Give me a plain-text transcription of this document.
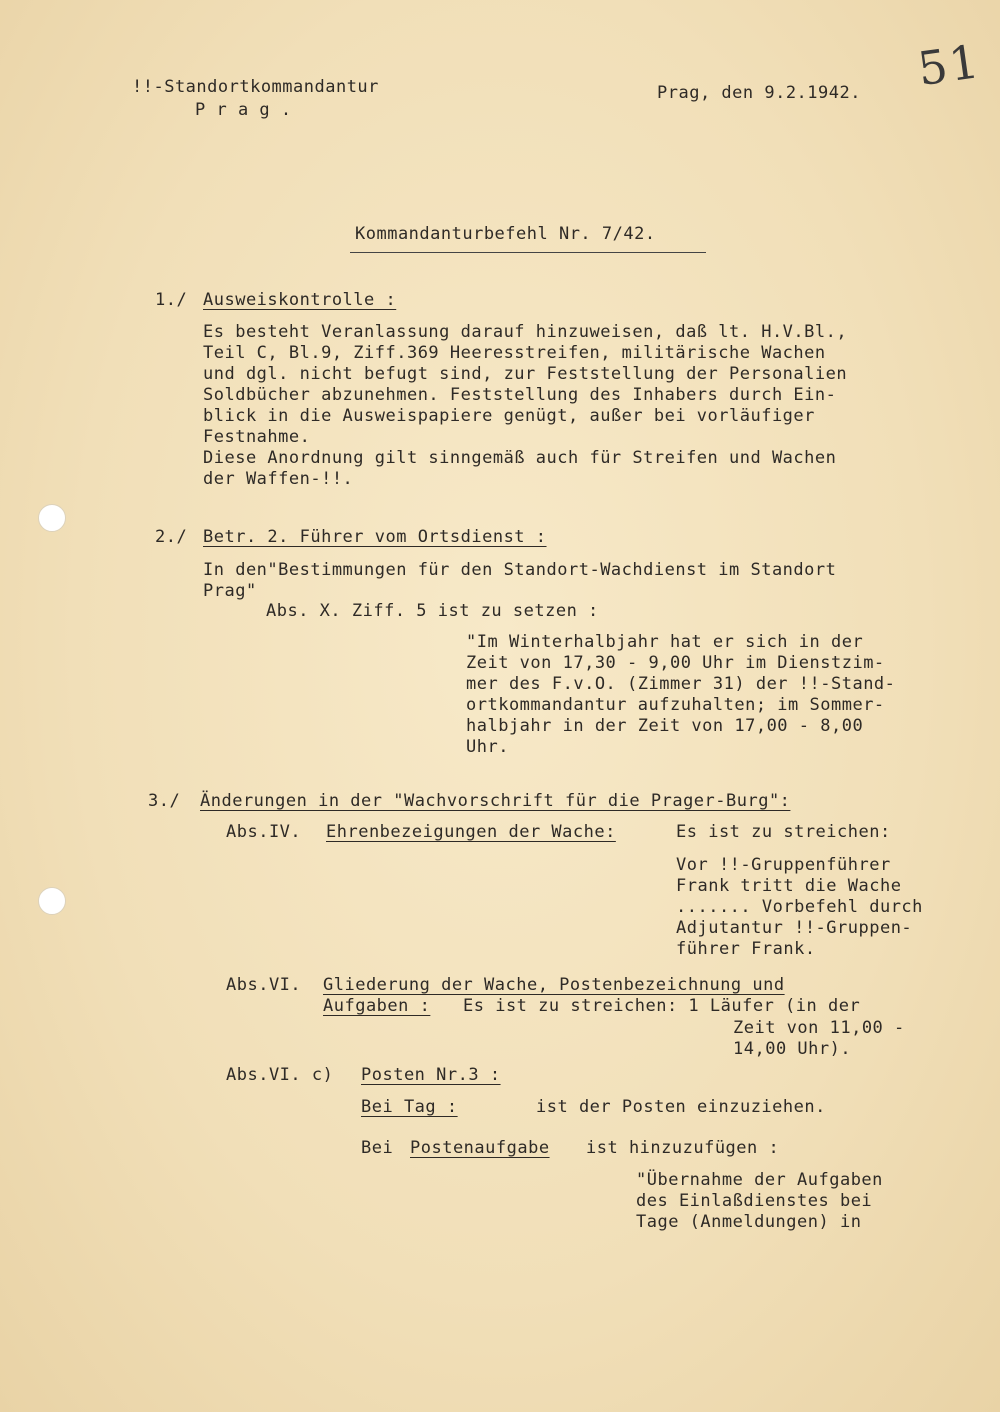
51
!!-Standortkommandantur
P r a g .
Prag, den 9.2.1942.
Kommandanturbefehl Nr. 7/42.
1./ Ausweiskontrolle :
Es besteht Veranlassung darauf hinzuweisen, daß lt. H.V.Bl.,
Teil C, Bl.9, Ziff.369 Heeresstreifen, militärische Wachen
und dgl. nicht befugt sind, zur Feststellung der Personalien
Soldbücher abzunehmen. Feststellung des Inhabers durch Ein-
blick in die Ausweispapiere genügt, außer bei vorläufiger
Festnahme.
Diese Anordnung gilt sinngemäß auch für Streifen und Wachen
der Waffen-!!.
2./ Betr. 2. Führer vom Ortsdienst :
In den"Bestimmungen für den Standort-Wachdienst im Standort
Prag"
Abs. X. Ziff. 5 ist zu setzen :
"Im Winterhalbjahr hat er sich in der
Zeit von 17,30 - 9,00 Uhr im Dienstzim-
mer des F.v.O. (Zimmer 31) der !!-Stand-
ortkommandantur aufzuhalten; im Sommer-
halbjahr in der Zeit von 17,00 - 8,00
Uhr.
3./ Änderungen in der "Wachvorschrift für die Prager-Burg":
Abs.IV. Ehrenbezeigungen der Wache:	Es ist zu streichen:
Vor !!-Gruppenführer
Frank tritt die Wache
....... Vorbefehl durch
Adjutantur !!-Gruppen-
führer Frank.
Abs.VI. Gliederung der Wache, Postenbezeichnung und
Aufgaben : Es ist zu streichen: 1 Läufer (in der
Zeit von 11,00 -
14,00 Uhr).
Abs.VI. c) Posten Nr.3 :
Bei Tag :	ist der Posten einzuziehen.
Bei Postenaufgabe ist hinzuzufügen :
"Übernahme der Aufgaben
des Einlaßdienstes bei
Tage (Anmeldungen) in
